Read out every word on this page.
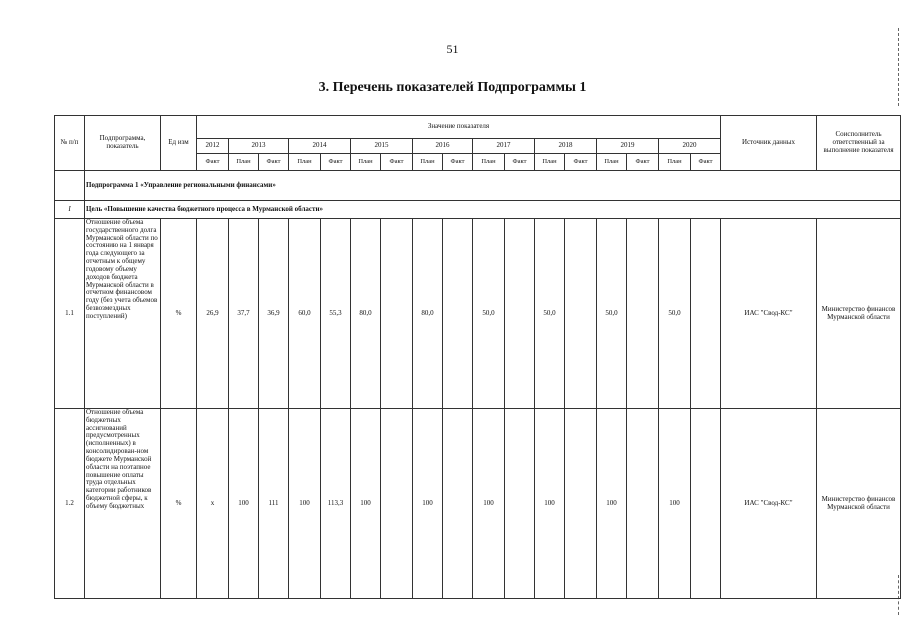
51
3. Перечень показателей Подпрограммы 1
№ п/п	Подпрограмма, показатель	Ед изм	Значение показателя																	Источник данных	Соисполнитель ответственный за выполнение показателя
			2012	2013		2014		2015		2016		2017		2018		2019		2020			
			Факт	План	Факт	План	Факт	План	Факт	План	Факт	План	Факт	План	Факт	План	Факт	План	Факт		
	Подпрограмма 1 «Управление региональными финансами»																				
I	Цель «Повышение качества бюджетного процесса в Мурманской области»																				
1.1	Отношение объема государственного долга Мурманской области по состоянию на 1 января года следующего за отчетным к общему годовому объему доходов бюджета Мурманской области в отчетном финансовом году (без учета объемов безвозмездных поступлений)	%	26,9	37,7	36,9	60,0	55,3	80,0		80,0		50,0		50,0		50,0		50,0		ИАС "Свод-КС"	Министерство финансов Мурманской области
1.2	Отношение объема бюджетных ассигнований предусмотренных (исполненных) в консолидирован-ном бюджете Мурманской области на поэтапное повышение оплаты труда отдельных категории работников бюджетной сферы, к объему бюджетных	%	х	100	111	100	113,3	100		100		100		100		100		100		ИАС "Свод-КС"	Министерство финансов Мурманской области
